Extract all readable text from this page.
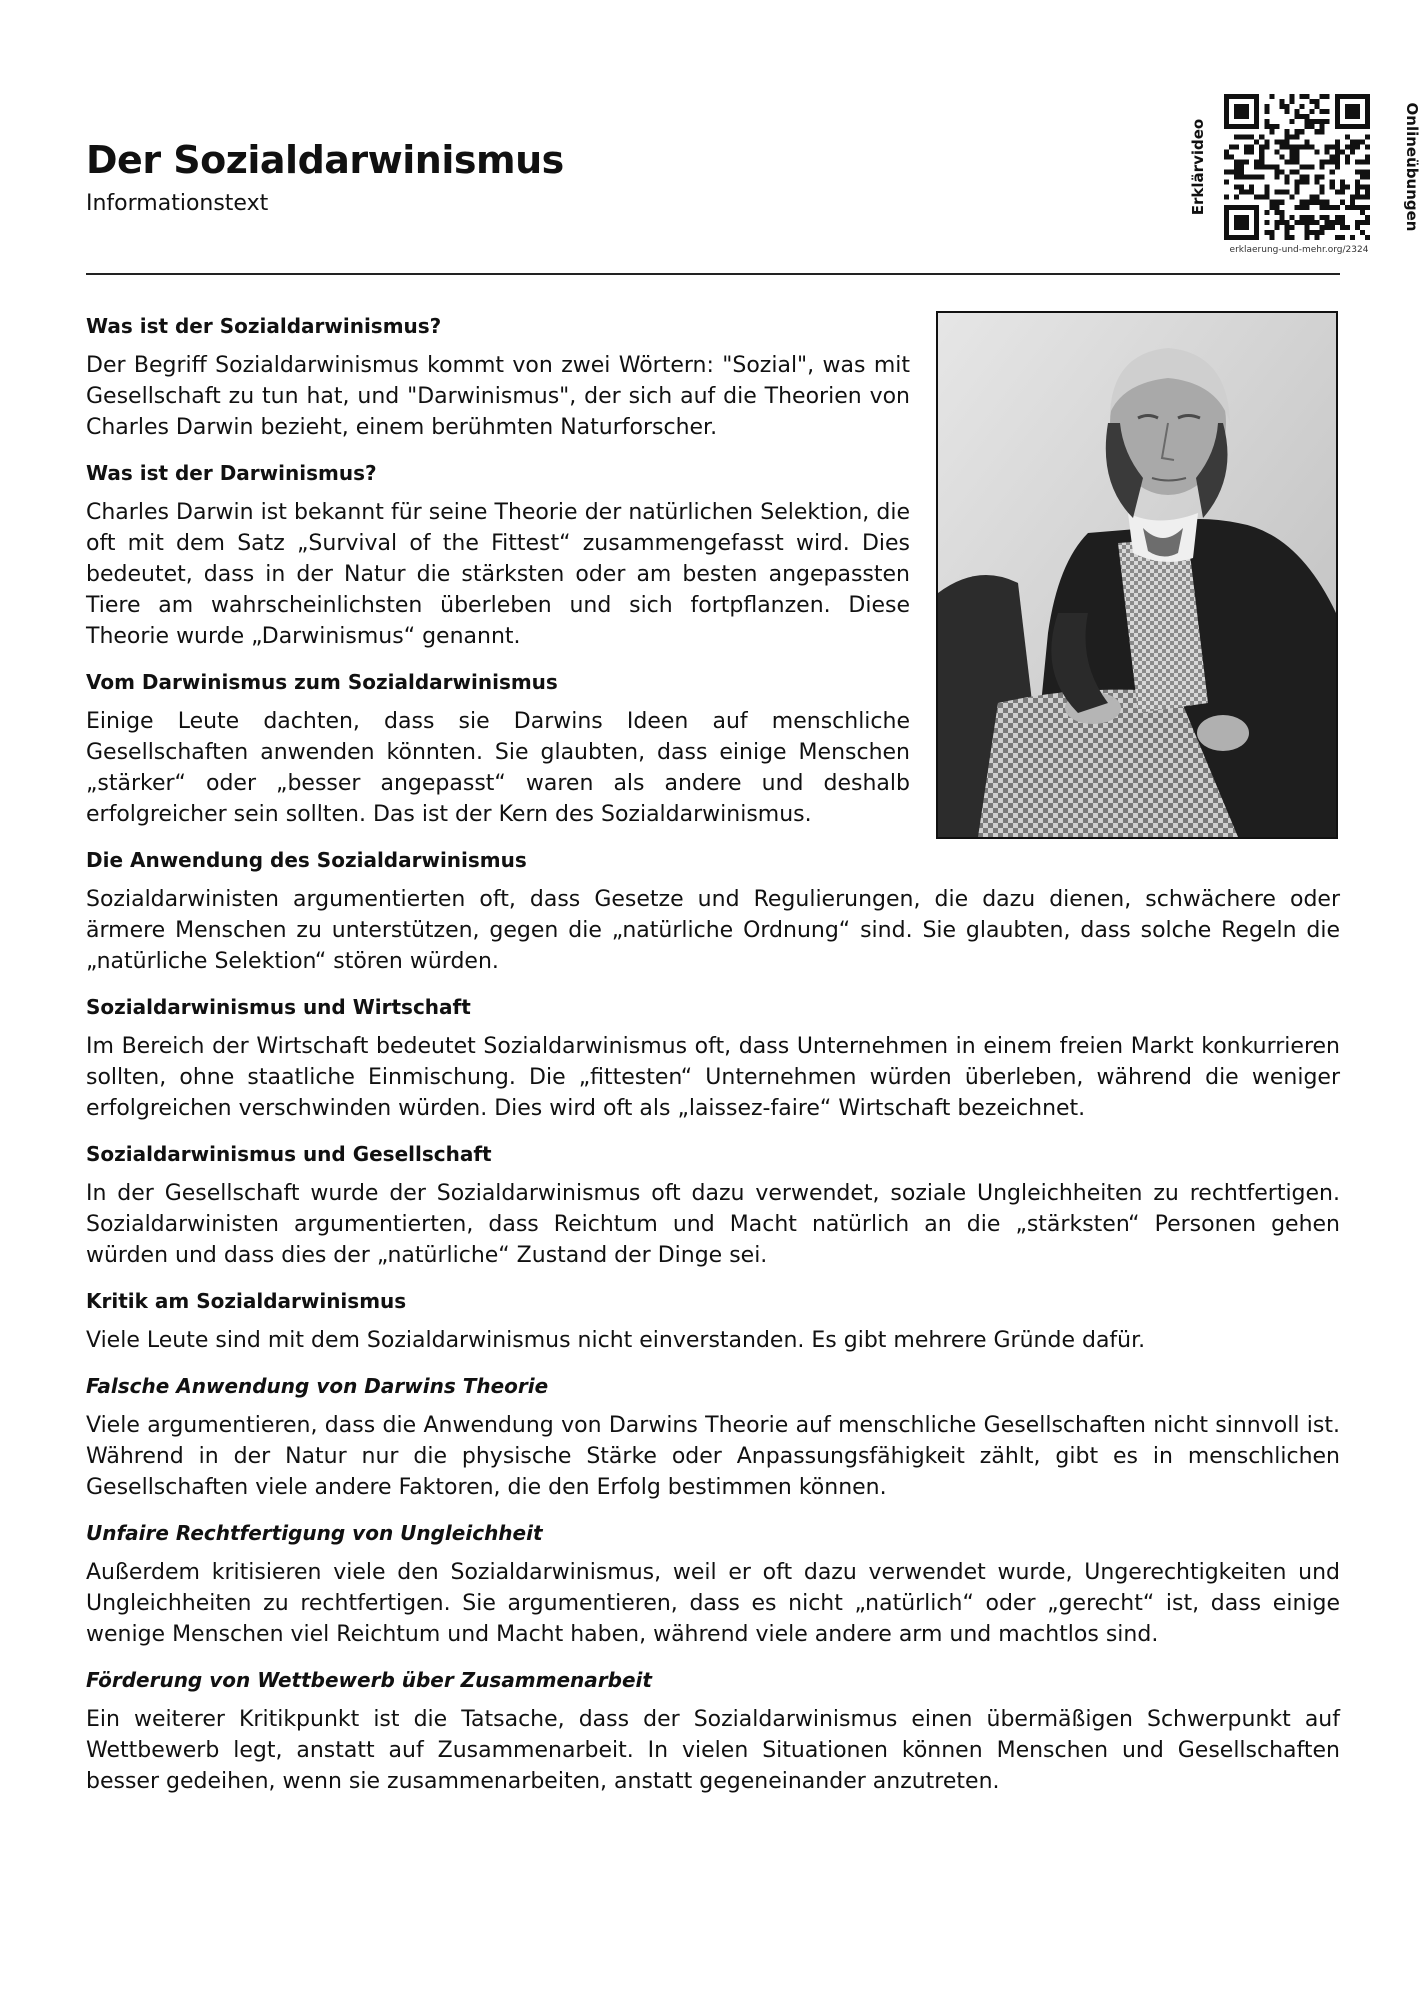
Der Sozialdarwinismus
Informationstext	Erklärvideo	Onlineübungen
erklaerung-und-mehr.org/2324
Was ist der Sozialdarwinismus?

Der Begriff Sozialdarwinismus kommt von zwei Wörtern: "Sozial", was mit Gesellschaft zu tun hat, und "Darwinismus", der sich auf die Theorien von Charles Darwin bezieht, einem berühmten Naturforscher.

Was ist der Darwinismus?

Charles Darwin ist bekannt für seine Theorie der natürlichen Selektion, die oft mit dem Satz „Survival of the Fittest“ zusammengefasst wird. Dies bedeutet, dass in der Natur die stärksten oder am besten angepassten Tiere am wahrscheinlichsten überleben und sich fortpflanzen. Diese Theorie wurde „Darwinismus“ genannt.

Vom Darwinismus zum Sozialdarwinismus

Einige Leute dachten, dass sie Darwins Ideen auf menschliche Gesellschaften anwenden könnten. Sie glaubten, dass einige Menschen „stärker“ oder „besser angepasst“ waren als andere und deshalb erfolgreicher sein sollten. Das ist der Kern des Sozialdarwinismus.

Die Anwendung des Sozialdarwinismus

Sozialdarwinisten argumentierten oft, dass Gesetze und Regulierungen, die dazu dienen, schwächere oder ärmere Menschen zu unterstützen, gegen die „natürliche Ordnung“ sind. Sie glaubten, dass solche Regeln die „natürliche Selektion“ stören würden.

Sozialdarwinismus und Wirtschaft

Im Bereich der Wirtschaft bedeutet Sozialdarwinismus oft, dass Unternehmen in einem freien Markt konkurrieren sollten, ohne staatliche Einmischung. Die „fittesten“ Unternehmen würden überleben, während die weniger erfolgreichen verschwinden würden. Dies wird oft als „laissez-faire“ Wirtschaft bezeichnet.

Sozialdarwinismus und Gesellschaft

In der Gesellschaft wurde der Sozialdarwinismus oft dazu verwendet, soziale Ungleichheiten zu rechtfertigen. Sozialdarwinisten argumentierten, dass Reichtum und Macht natürlich an die „stärksten“ Personen gehen würden und dass dies der „natürliche“ Zustand der Dinge sei.

Kritik am Sozialdarwinismus

Viele Leute sind mit dem Sozialdarwinismus nicht einverstanden. Es gibt mehrere Gründe dafür.

Falsche Anwendung von Darwins Theorie

Viele argumentieren, dass die Anwendung von Darwins Theorie auf menschliche Gesellschaften nicht sinnvoll ist. Während in der Natur nur die physische Stärke oder Anpassungsfähigkeit zählt, gibt es in menschlichen Gesellschaften viele andere Faktoren, die den Erfolg bestimmen können.

Unfaire Rechtfertigung von Ungleichheit

Außerdem kritisieren viele den Sozialdarwinismus, weil er oft dazu verwendet wurde, Ungerechtigkeiten und Ungleichheiten zu rechtfertigen. Sie argumentieren, dass es nicht „natürlich“ oder „gerecht“ ist, dass einige wenige Menschen viel Reichtum und Macht haben, während viele andere arm und machtlos sind.

Förderung von Wettbewerb über Zusammenarbeit

Ein weiterer Kritikpunkt ist die Tatsache, dass der Sozialdarwinismus einen übermäßigen Schwerpunkt auf Wettbewerb legt, anstatt auf Zusammenarbeit. In vielen Situationen können Menschen und Gesellschaften besser gedeihen, wenn sie zusammenarbeiten, anstatt gegeneinander anzutreten.
